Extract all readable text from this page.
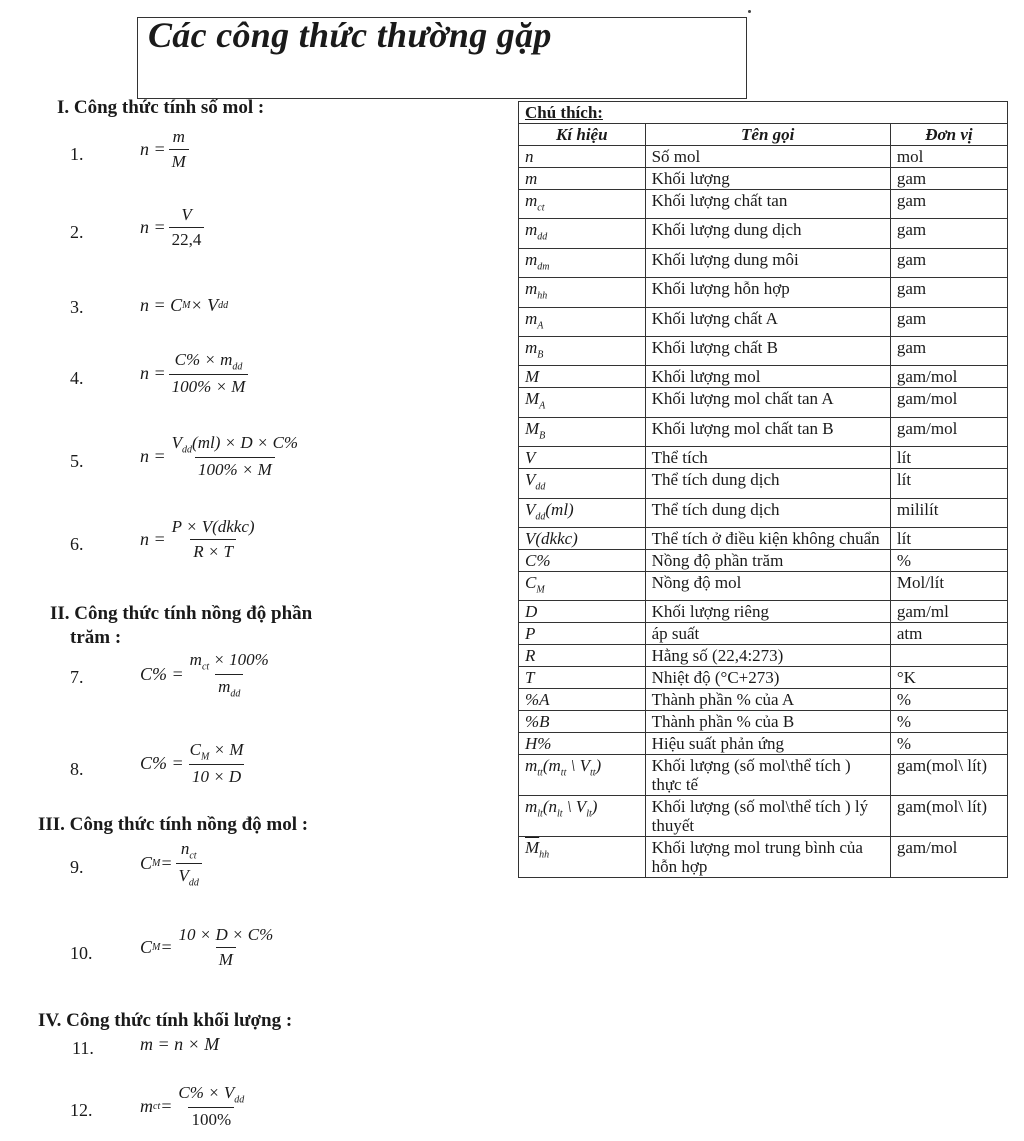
Các công thức thường gặp
I. Công thức tính số mol :
II. Công thức tính nồng độ phần
trăm :
III. Công thức tính nồng độ mol :
IV. Công thức tính khối lượng :
1.
2.
3.
4.
5.
6.
7.
8.
9.
10.
11.
12.
$n = \frac{m}{M}$
$n = \frac{V}{22,4}$
n = C M × V dd
$n = \frac{C\% \times m_{dd}}{100\% \times M}$
$n = \frac{V_{dd}(ml) \times D \times C\%}{100\% \times M}$
$n = \frac{\text{P × V(dkkc)}}{R \times T}$
$C\% = \frac{m_{ct} \times 100\%}{m_{dd}}$
$C\% = \frac{C_M \times M}{10 \times D}$
C $M = \frac{n_{ct}}{V_{dd}}$
C $M = \frac{10 \times D \times C\%}{M}$
m = n × M
m ct = $\frac{C\% \times V_{dd}}{100\%}$
Chú thích:		
Kí hiệu	Tên gọi	Đơn vị
n	Số mol	mol
m	Khối lượng	gam
$m_{ct}$	Khối lượng chất tan	gam
$m_{dd}$	Khối lượng dung dịch	gam
$m_{dm}$	Khối lượng dung môi	gam
$m_{hh}$	Khối lượng hỗn hợp	gam
$m_A$	Khối lượng chất A	gam
$m_B$	Khối lượng chất B	gam
M	Khối lượng mol	gam/mol
$M_A$	Khối lượng mol chất tan A	gam/mol
$M_B$	Khối lượng mol chất tan B	gam/mol
V	Thể tích	lít
$V_{dd}$	Thể tích dung dịch	lít
$V_{dd}(ml)$	Thể tích dung dịch	mililít
V(dkkc)	Thể tích ở điều kiện không chuẩn	lít
C%	Nồng độ phần trăm	%
$C_M$	Nồng độ mol	Mol/lít
D	Khối lượng riêng	gam/ml
P	áp suất	atm
R	Hằng số (22,4:273)	
T	Nhiệt độ (°C+273)	°K
%A	Thành phần % của A	%
%B	Thành phần % của B	%
H%	Hiệu suất phản ứng	%
$m_{tt}(m_{tt}$ \ $V_{tt}$)	Khối lượng (số mol\thể tích ) thực tế	gam(mol\ lít)
$m_{lt}(n_{lt}$ \ $V_{lt}$)	Khối lượng (số mol\thể tích ) lý thuyết	gam(mol\ lít)
$\overline{M}_{hh}$	Khối lượng mol trung bình của hỗn hợp	gam/mol
